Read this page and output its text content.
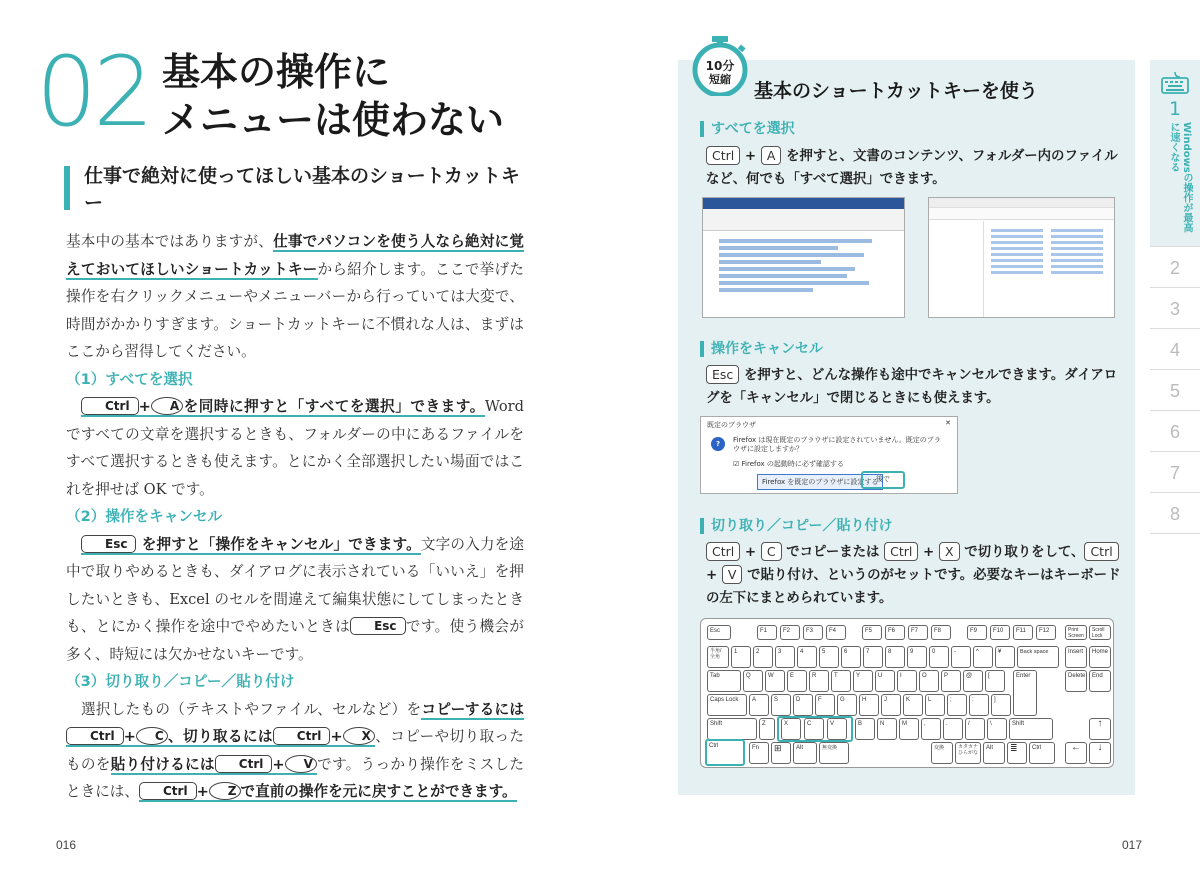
02 基本の操作に
メニューは使わない
仕事で絶対に使ってほしい基本のショートカットキー

基本中の基本ではありますが、仕事でパソコンを使う人なら絶対に覚えておいてほしいショートカットキーから紹介します。ここで挙げた操作を右クリックメニューやメニューバーから行っていては大変で、時間がかかりすぎます。ショートカットキーに不慣れな人は、まずはここから習得してください。

（1）すべてを選択

Ctrl + A を同時に押すと「すべてを選択」できます。Word ですべての文章を選択するときも、フォルダーの中にあるファイルをすべて選択するときも使えます。とにかく全部選択したい場面ではこれを押せば OK です。

（2）操作をキャンセル

Esc を押すと「操作をキャンセル」できます。文字の入力を途中で取りやめるときも、ダイアログに表示されている「いいえ」を押したいときも、Excel のセルを間違えて編集状態にしてしまったときも、とにかく操作を途中でやめたいときは Esc です。使う機会が多く、時短には欠かせないキーです。

（3）切り取り／コピー／貼り付け

選択したもの（テキストやファイル、セルなど）をコピーするにはCtrl + C 、切り取るには Ctrl + X 、コピーや切り取ったものを貼り付けるには Ctrl + V です。うっかり操作をミスしたときには、 Ctrl + Z で直前の操作を元に戻すことができます。

016
10分
短縮
基本のショートカットキーを使う
すべてを選択
Ctrl + A を押すと、文書のコンテンツ、フォルダー内のファイルなど、何でも「すべて選択」できます。
操作をキャンセル
Esc を押すと、どんな操作も途中でキャンセルできます。ダイアログを「キャンセル」で閉じるときにも使えます。
既定のブラウザ	✕
?	Firefox は現在既定のブラウザに設定されていません。既定のブラウザに設定しますか？
☑ Firefox の起動時に必ず確認する
Firefox を既定のブラウザに設定する
後で
切り取り／コピー／貼り付け
Ctrl + C でコピーまたは Ctrl + X で切り取りをして、 Ctrl + V で貼り付け、というのがセットです。必要なキーはキーボードの左下にまとめられています。
017
1
Windowsの操作が最高に速くなる
2
3
4
5
6
7
8
Esc	F1	F2	F3	F4	F5	F6	F7	F8	F9	F10	F11	F12	Print Screen
Scroll Lock
半角/全角
1	2	3	4	5	6	7	8	9	0	-	^	¥	Back space	Insert	Home
Tab	Q	W	E	R	T	Y	U	I	O	P	@	[	Enter	Delete	End
Caps Lock	A	S	D	F	G	H	J	K	L	;	:	]
Shift	Z	X	C	V	B	N	M	,	.	/	\	Shift	↑
Ctrl	Fn	⊞	Alt	無変換	変換	カタカナ ひらがな
Alt	≣	Ctrl	←	↓
